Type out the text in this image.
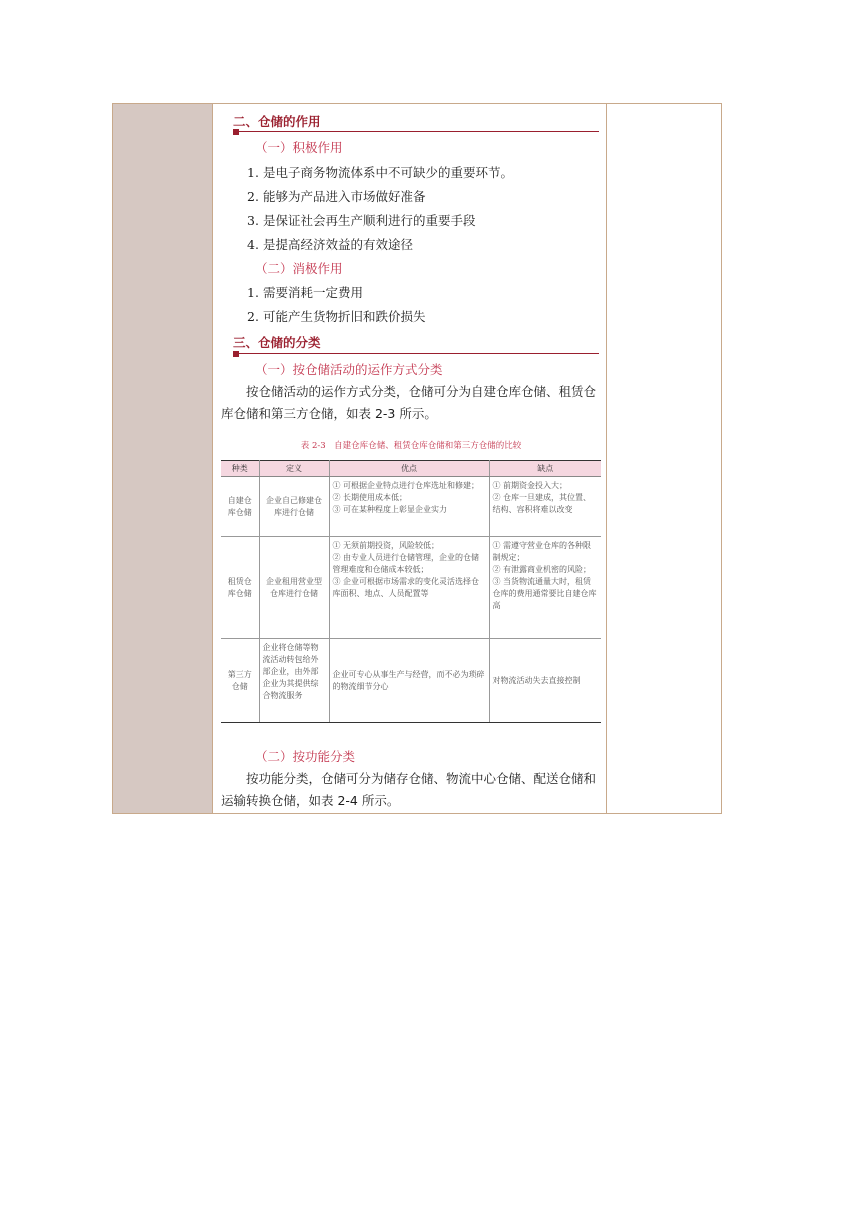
二、仓储的作用
（一）积极作用
1. 是电子商务物流体系中不可缺少的重要环节。
2. 能够为产品进入市场做好准备
3. 是保证社会再生产顺利进行的重要手段
4. 是提高经济效益的有效途径
（二）消极作用
1. 需要消耗一定费用
2. 可能产生货物折旧和跌价损失
三、仓储的分类
（一）按仓储活动的运作方式分类
按仓储活动的运作方式分类，仓储可分为自建仓库仓储、租赁仓库仓储和第三方仓储，如表 2-3 所示。
表 2-3　自建仓库仓储、租赁仓库仓储和第三方仓储的比较
种类	定义	优点	缺点
自建仓库仓储	企业自己修建仓库进行仓储	① 可根据企业特点进行仓库选址和修建；
② 长期使用成本低；
③ 可在某种程度上彰显企业实力	① 前期资金投入大；
② 仓库一旦建成，其位置、结构、容积将难以改变

租赁仓库仓储	企业租用营业型仓库进行仓储	① 无须前期投资，风险较低；
② 由专业人员进行仓储管理，企业的仓储管理难度和仓储成本较低；
③ 企业可根据市场需求的变化灵活选择仓库面积、地点、人员配置等	① 需遵守营业仓库的各种限制规定；
② 有泄露商业机密的风险；
③ 当货物流通量大时，租赁仓库的费用通常要比自建仓库高

第三方仓储	企业将仓储等物流活动转包给外部企业，由外部企业为其提供综合物流服务	企业可专心从事生产与经营，而不必为琐碎的物流细节分心	对物流活动失去直接控制
（二）按功能分类
按功能分类，仓储可分为储存仓储、物流中心仓储、配送仓储和运输转换仓储，如表 2-4 所示。
